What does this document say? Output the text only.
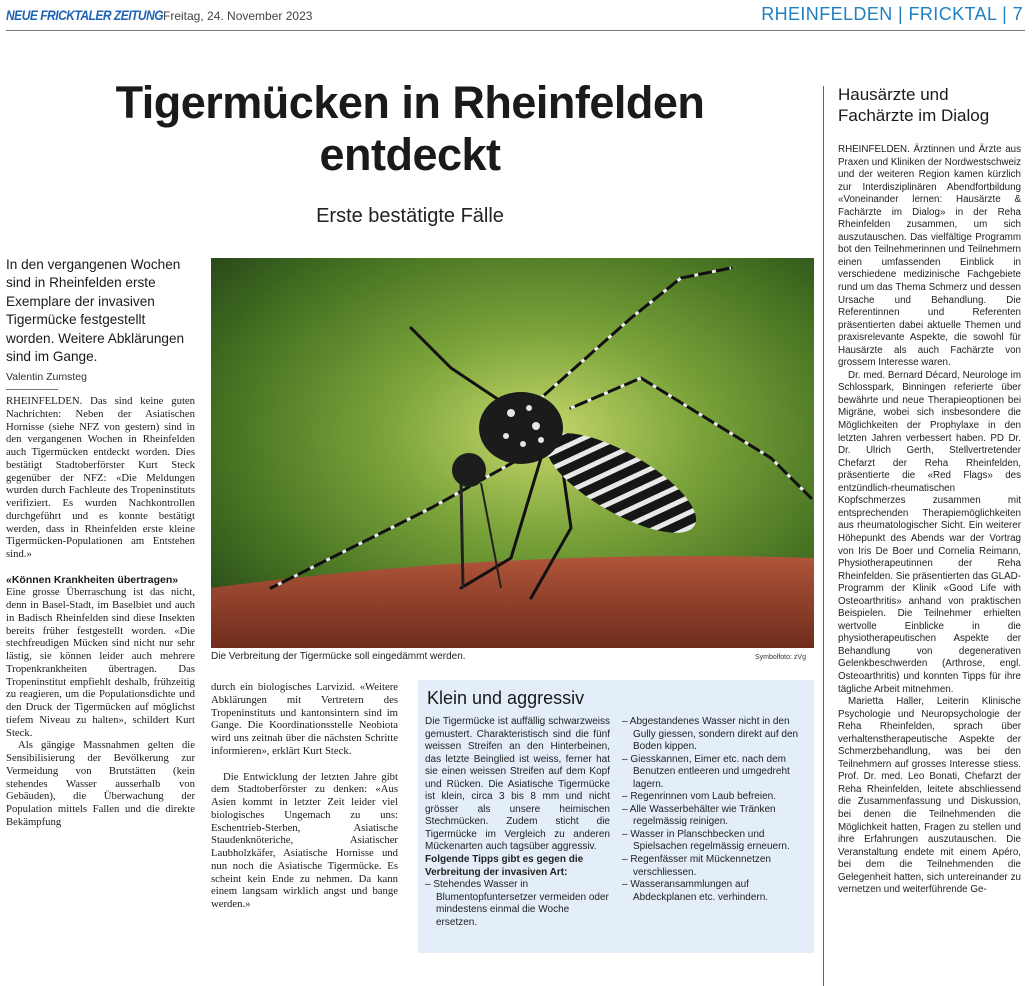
NEUE FRICKTALER ZEITUNG Freitag, 24. November 2023	RHEINFELDEN | FRICKTAL | 7
Tigermücken in Rheinfelden entdeckt
Erste bestätigte Fälle
In den vergangenen Wochen sind in Rheinfelden erste Exemplare der invasiven Tigermücke festgestellt worden. Weitere Abklärungen sind im Gange.
Valentin Zumsteg

RHEINFELDEN. Das sind keine guten Nachrichten: Neben der Asiatischen Hornisse (siehe NFZ von gestern) sind in den vergangenen Wochen in Rheinfelden auch Tigermücken entdeckt worden. Dies bestätigt Stadtoberförster Kurt Steck gegenüber der NFZ: «Die Meldungen wurden durch Fachleute des Tropeninstituts verifiziert. Es wurden Nachkontrollen durchgeführt und es konnte bestätigt werden, dass in Rheinfelden erste kleine Tigermücken-Populationen am Entstehen sind.»

«Können Krankheiten übertragen»

Eine grosse Überraschung ist das nicht, denn in Basel-Stadt, im Baselbiet und auch in Badisch Rheinfelden sind diese Insekten bereits früher festgestellt worden. «Die stechfreudigen Mücken sind nicht nur sehr lästig, sie können leider auch mehrere Tropenkrankheiten übertragen. Das Tropeninstitut empfiehlt deshalb, frühzeitig zu reagieren, um die Populationsdichte und den Druck der Tigermücken auf möglichst tiefem Niveau zu halten», schildert Kurt Steck.

Als gängige Massnahmen gelten die Sensibilisierung der Bevölkerung zur Vermeidung von Brutstätten (kein stehendes Wasser ausserhalb von Gebäuden), die Überwachung der Population mittels Fallen und die direkte Bekämpfung

Die Verbreitung der Tigermücke soll eingedämmt werden.	Symbolfoto: zVg

durch ein biologisches Larvizid. «Weitere Abklärungen mit Vertretern des Tropeninstituts und kantonsintern sind im Gange. Die Koordinationsstelle Neobiota wird uns zeitnah über die nächsten Schritte informieren», erklärt Kurt Steck.

Die Entwicklung der letzten Jahre gibt dem Stadtoberförster zu denken: «Aus Asien kommt in letzter Zeit leider viel biologisches Ungemach zu uns: Eschentrieb-Sterben, Asiatische Staudenknöteriche, Asiatischer Laubholzkäfer, Asiatische Hornisse und nun noch die Asiatische Tigermücke. Es scheint kein Ende zu nehmen. Da kann einem langsam wirklich angst und bange werden.»

Klein und aggressiv

Die Tigermücke ist auffällig schwarzweiss gemustert. Charakteristisch sind die fünf weissen Streifen an den Hinterbeinen, das letzte Beinglied ist weiss, ferner hat sie einen weissen Streifen auf dem Kopf und Rücken. Die Asiatische Tigermücke ist klein, circa 3 bis 8 mm und nicht grösser als unsere heimischen Stechmücken. Zudem sticht die Tigermücke im Vergleich zu anderen Mückenarten auch tagsüber aggressiv.

Folgende Tipps gibt es gegen die Verbreitung der invasiven Art:

– Stehendes Wasser in Blumentopfuntersetzer vermeiden oder mindestens einmal die Woche ersetzen.

– Abgestandenes Wasser nicht in den Gully giessen, sondern direkt auf den Boden kippen.

– Giesskannen, Eimer etc. nach dem Benutzen entleeren und umgedreht lagern.

– Regenrinnen vom Laub befreien.

– Alle Wasserbehälter wie Tränken regelmässig reinigen.

– Wasser in Planschbecken und Spielsachen regelmässig erneuern.

– Regenfässer mit Mückennetzen verschliessen.

– Wasseransammlungen auf Abdeckplanen etc. verhindern.

Hausärzte und Fachärzte im Dialog

RHEINFELDEN. Ärztinnen und Ärzte aus Praxen und Kliniken der Nordwestschweiz und der weiteren Region kamen kürzlich zur Interdisziplinären Abendfortbildung «Voneinander lernen: Hausärzte & Fachärzte im Dialog» in der Reha Rheinfelden zusammen, um sich auszutauschen. Das vielfältige Programm bot den Teilnehmerinnen und Teilnehmern einen umfassenden Einblick in verschiedene medizinische Fachgebiete rund um das Thema Schmerz und dessen Ursache und Behandlung. Die Referentinnen und Referenten präsentierten dabei aktuelle Themen und praxisrelevante Aspekte, die sowohl für Hausärzte als auch Fachärzte von grossem Interesse waren.

Dr. med. Bernard Décard, Neurologe im Schlosspark, Binningen referierte über bewährte und neue Therapieoptionen bei Migräne, wobei sich insbesondere die Möglichkeiten der Prophylaxe in den letzten Jahren verbessert haben. PD Dr. Dr. Ulrich Gerth, Stellvertretender Chefarzt der Reha Rheinfelden, präsentierte die «Red Flags» des entzündlich-rheumatischen Kopfschmerzes zusammen mit entsprechenden Therapiemöglichkeiten aus rheumatologischer Sicht. Ein weiterer Höhepunkt des Abends war der Vortrag von Iris De Boer und Cornelia Reimann, Physiotherapeutinnen der Reha Rheinfelden. Sie präsentierten das GLAD-Programm der Klinik «Good Life with Osteoarthritis» anhand von praktischen Beispielen. Die Teilnehmer erhielten wertvolle Einblicke in die physiotherapeutischen Aspekte der Behandlung von degenerativen Gelenkbeschwerden (Arthrose, engl. Osteoarthritis) und konnten Tipps für ihre tägliche Arbeit mitnehmen.

Marietta Haller, Leiterin Klinische Psychologie und Neuropsychologie der Reha Rheinfelden, sprach über verhaltenstherapeutische Aspekte der Schmerzbehandlung, was bei den Teilnehmern auf grosses Interesse stiess. Prof. Dr. med. Leo Bonati, Chefarzt der Reha Rheinfelden, leitete abschliessend die Zusammenfassung und Diskussion, bei denen die Teilnehmenden die Möglichkeit hatten, Fragen zu stellen und ihre Erfahrungen auszutauschen. Die Veranstaltung endete mit einem Apéro, bei dem die Teilnehmenden die Gelegenheit hatten, sich untereinander zu vernetzen und weiterführende Ge-
